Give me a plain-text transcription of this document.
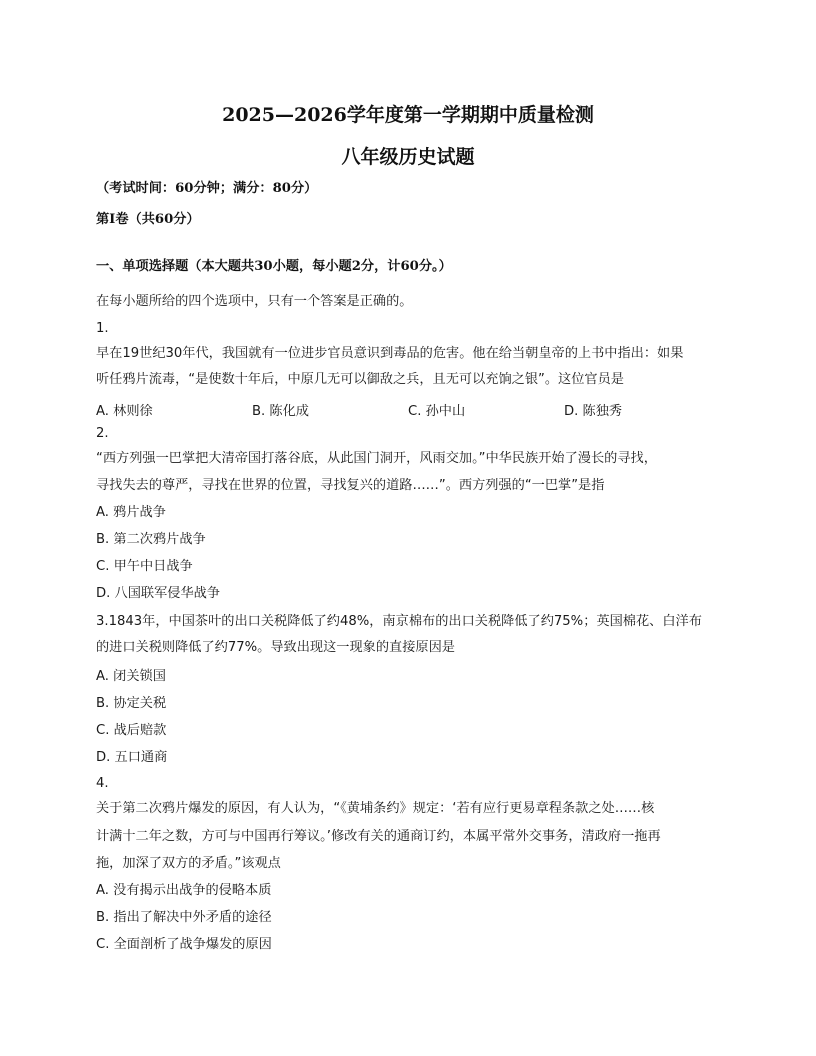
2025—2026学年度第一学期期中质量检测
八年级历史试题
（考试时间：60分钟；满分：80分）
第Ⅰ卷（共60分）
一、单项选择题（本大题共30小题，每小题2分，计60分。）
在每小题所给的四个选项中，只有一个答案是正确的。
1.
早在19世纪30年代，我国就有一位进步官员意识到毒品的危害。他在给当朝皇帝的上书中指出：如果
听任鸦片流毒，“是使数十年后，中原几无可以御敌之兵，且无可以充饷之银”。这位官员是
A. 林则徐	B. 陈化成	C. 孙中山	D. 陈独秀
2.
“西方列强一巴掌把大清帝国打落谷底，从此国门洞开，风雨交加。”中华民族开始了漫长的寻找，
寻找失去的尊严，寻找在世界的位置，寻找复兴的道路……”。西方列强的“一巴掌”是指
A. 鸦片战争
B. 第二次鸦片战争
C. 甲午中日战争
D. 八国联军侵华战争
3.1843年，中国茶叶的出口关税降低了约48%，南京棉布的出口关税降低了约75%；英国棉花、白洋布
的进口关税则降低了约77%。导致出现这一现象的直接原因是
A. 闭关锁国
B. 协定关税
C. 战后赔款
D. 五口通商
4.
关于第二次鸦片爆发的原因，有人认为，“《黄埔条约》规定：‘若有应行更易章程条款之处……核
计满十二年之数，方可与中国再行筹议。’修改有关的通商订约，本属平常外交事务，清政府一拖再
拖，加深了双方的矛盾。”该观点
A. 没有揭示出战争的侵略本质
B. 指出了解决中外矛盾的途径
C. 全面剖析了战争爆发的原因
